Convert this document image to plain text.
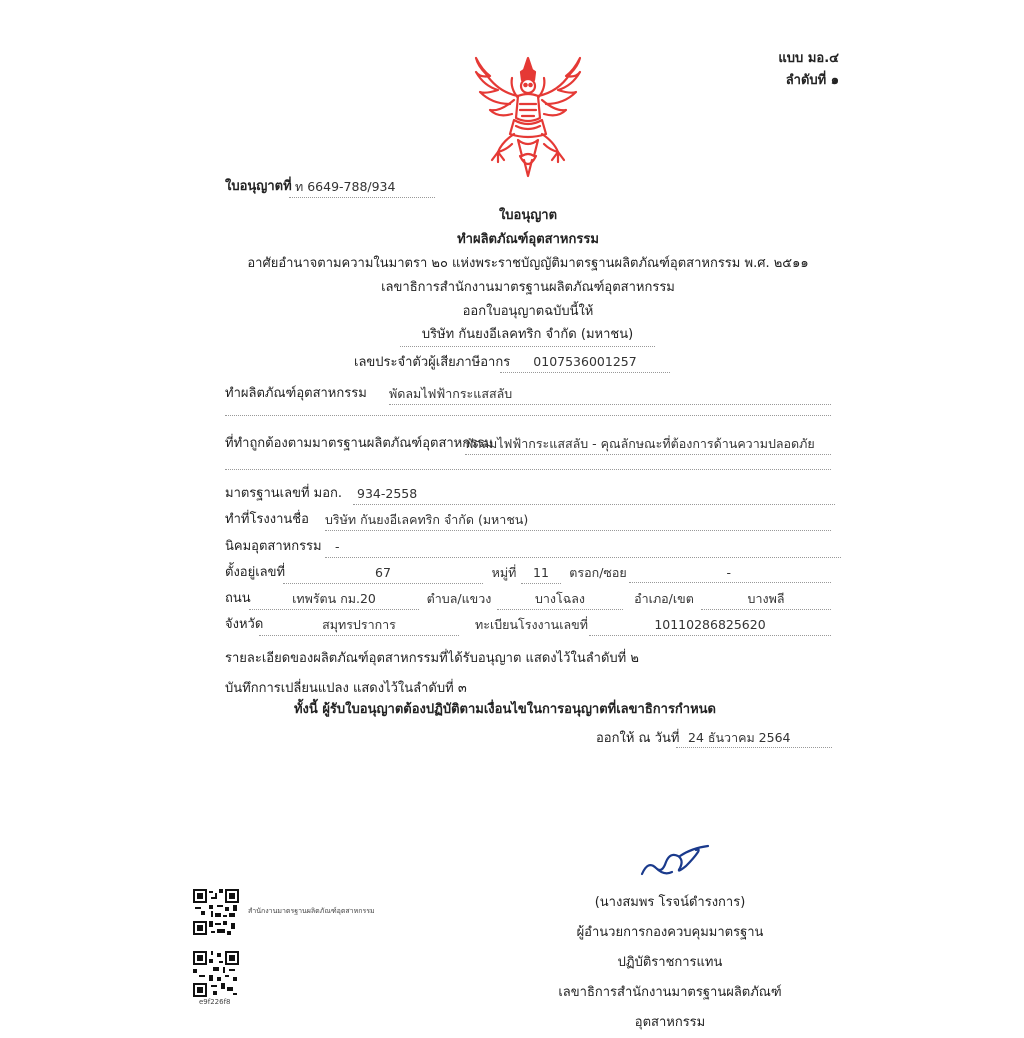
แบบ มอ.๔
ลำดับที่ ๑
ใบอนุญาตที่ ท 6649-788/934
ใบอนุญาต
ทำผลิตภัณฑ์อุตสาหกรรม
อาศัยอำนาจตามความในมาตรา ๒๐ แห่งพระราชบัญญัติมาตรฐานผลิตภัณฑ์อุตสาหกรรม พ.ศ. ๒๕๑๑
เลขาธิการสำนักงานมาตรฐานผลิตภัณฑ์อุตสาหกรรม
ออกใบอนุญาตฉบับนี้ให้
บริษัท กันยงอีเลคทริก จำกัด (มหาชน)
เลขประจำตัวผู้เสียภาษีอากร	0107536001257
ทำผลิตภัณฑ์อุตสาหกรรม พัดลมไฟฟ้ากระแสสลับ
ที่ทำถูกต้องตามมาตรฐานผลิตภัณฑ์อุตสาหกรรม
พัดลมไฟฟ้ากระแสสลับ - คุณลักษณะที่ต้องการด้านความปลอดภัย
มาตรฐานเลขที่ มอก.	934-2558
ทำที่โรงงานชื่อ บริษัท กันยงอีเลคทริก จำกัด (มหาชน)
นิคมอุตสาหกรรม	-
ตั้งอยู่เลขที่	67	หมู่ที่	11	ตรอก/ซอย	-
ถนน	เทพรัตน กม.20	ตำบล/แขวง	บางโฉลง	อำเภอ/เขต	บางพลี
จังหวัด	สมุทรปราการ	ทะเบียนโรงงานเลขที่	10110286825620
รายละเอียดของผลิตภัณฑ์อุตสาหกรรมที่ได้รับอนุญาต แสดงไว้ในลำดับที่ ๒
บันทึกการเปลี่ยนแปลง แสดงไว้ในลำดับที่ ๓
ทั้งนี้ ผู้รับใบอนุญาตต้องปฏิบัติตามเงื่อนไขในการอนุญาตที่เลขาธิการกำหนด
ออกให้ ณ วันที่ 24 ธันวาคม 2564
(นางสมพร โรจน์ดำรงการ)
ผู้อำนวยการกองควบคุมมาตรฐาน
ปฏิบัติราชการแทน
เลขาธิการสำนักงานมาตรฐานผลิตภัณฑ์อุตสาหกรรม
สำนักงานมาตรฐานผลิตภัณฑ์อุตสาหกรรม
e9f226f8
